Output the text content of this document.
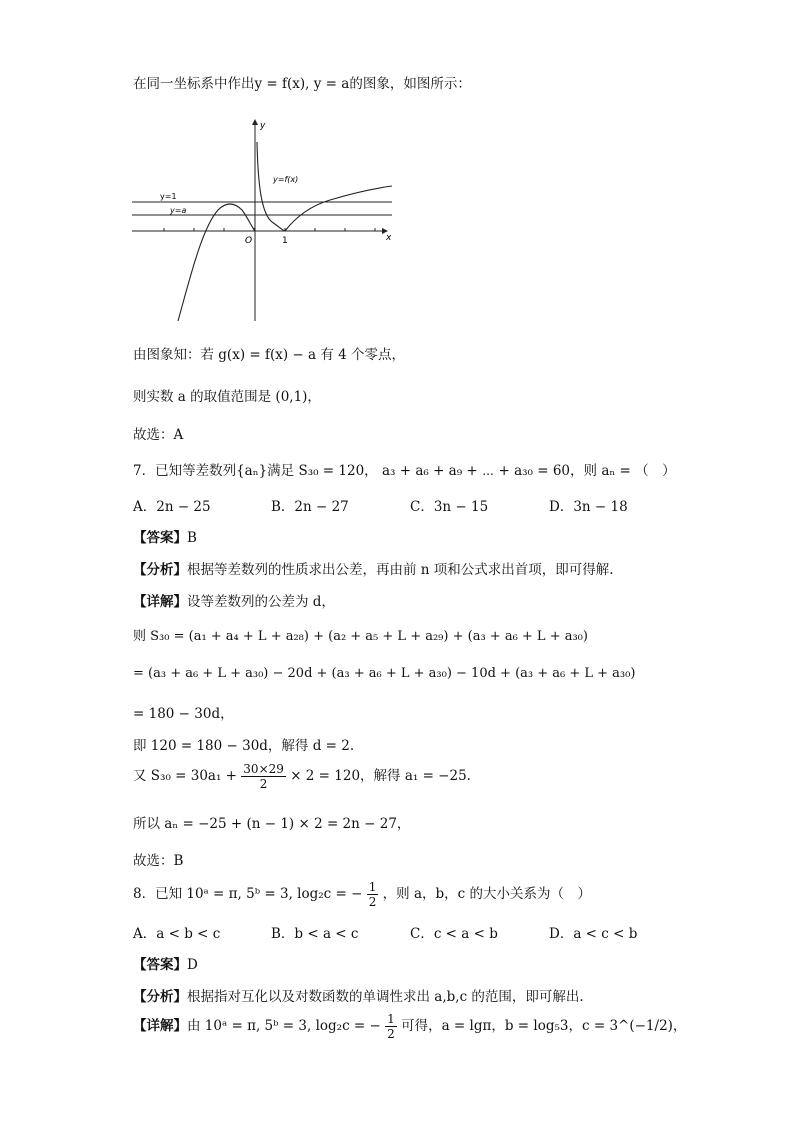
在同一坐标系中作出y = f(x), y = a的图象，如图所示：
y
x
O	1
y=1
y=a
y=f(x)
由图象知：若 g(x) = f(x) − a 有 4 个零点，
则实数 a 的取值范围是 (0,1)，
故选：A
7．已知等差数列{aₙ}满足 S₃₀ = 120， a₃ + a₆ + a₉ + ⋯ + a₃₀ = 60，则 aₙ = （　）
A．2n − 25	B．2n − 27	C．3n − 15	D．3n − 18
【答案】B
【分析】根据等差数列的性质求出公差，再由前 n 项和公式求出首项，即可得解.
【详解】设等差数列的公差为 d，
则 S₃₀ = (a₁ + a₄ + L + a₂₈) + (a₂ + a₅ + L + a₂₉) + (a₃ + a₆ + L + a₃₀)
= (a₃ + a₆ + L + a₃₀) − 20d + (a₃ + a₆ + L + a₃₀) − 10d + (a₃ + a₆ + L + a₃₀)
= 180 − 30d，
即 120 = 180 − 30d，解得 d = 2.
又 $S_{30} = 30a_1 + \frac{30\times 29}{2} \times 2 = 120$，解得 a₁ = −25.
所以 aₙ = −25 + (n − 1) × 2 = 2n − 27，
故选：B
8．已知 10ᵃ = π, 5ᵇ = 3, log₂c = − $\frac{1}{2}$ ，则 a，b，c 的大小关系为（　）
A．a < b < c	B．b < a < c	C．c < a < b	D．a < c < b
【答案】D
【分析】根据指对互化以及对数函数的单调性求出 a,b,c 的范围，即可解出.
【详解】由 10ᵃ = π, 5ᵇ = 3, log₂c = − $\frac{1}{2}$ 可得，a = lgπ，b = log₅3，c = 3^(−1/2)，
